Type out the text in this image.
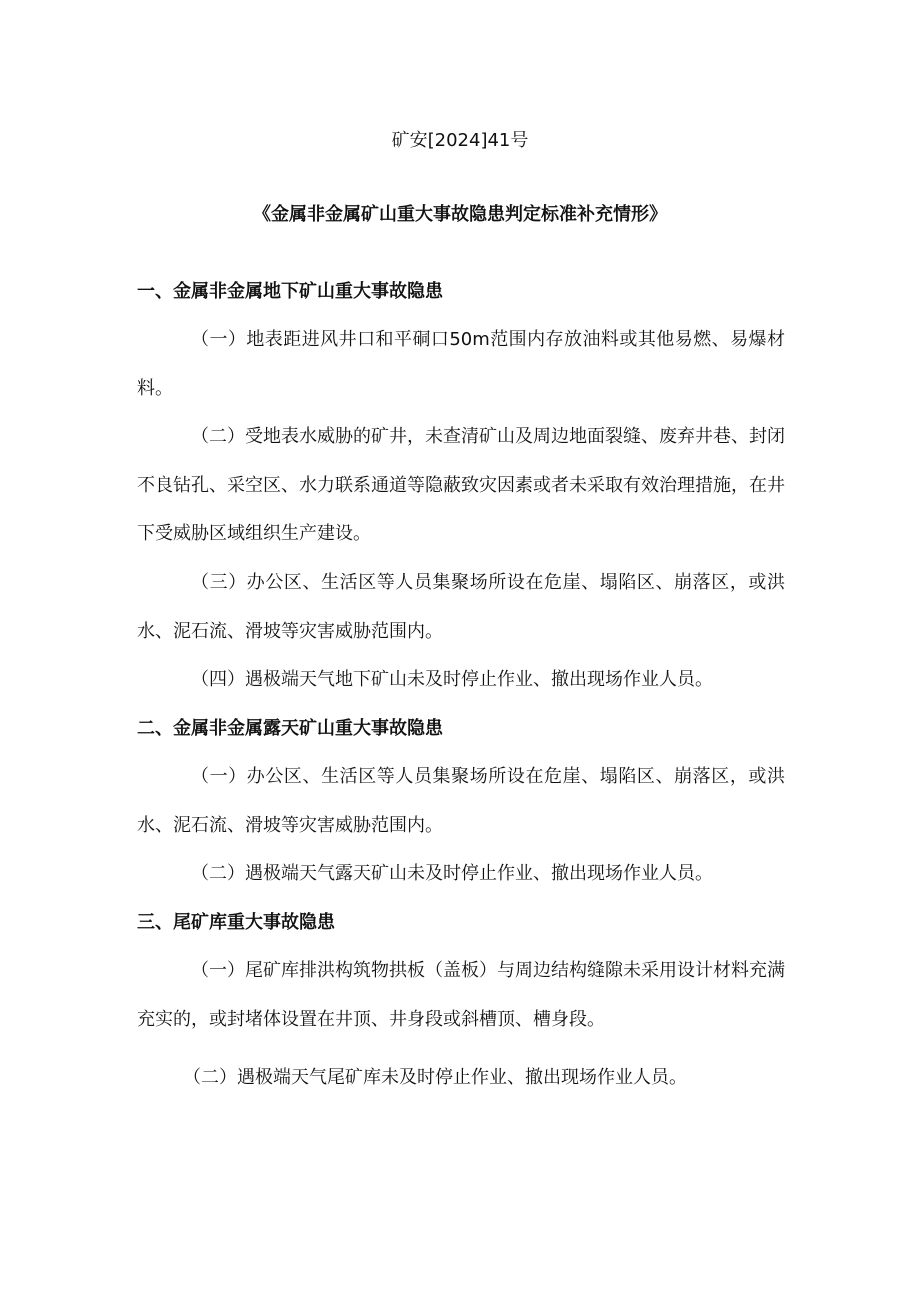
矿安[2024]41号
《金属非金属矿山重大事故隐患判定标准补充情形》
一、金属非金属地下矿山重大事故隐患
（一）地表距进风井口和平硐口50m范围内存放油料或其他易燃、易爆材料。
（二）受地表水威胁的矿井，未查清矿山及周边地面裂缝、废弃井巷、封闭不良钻孔、采空区、水力联系通道等隐蔽致灾因素或者未采取有效治理措施，在井下受威胁区域组织生产建设。
（三）办公区、生活区等人员集聚场所设在危崖、塌陷区、崩落区，或洪水、泥石流、滑坡等灾害威胁范围内。
（四）遇极端天气地下矿山未及时停止作业、撤出现场作业人员。
二、金属非金属露天矿山重大事故隐患
（一）办公区、生活区等人员集聚场所设在危崖、塌陷区、崩落区，或洪水、泥石流、滑坡等灾害威胁范围内。
（二）遇极端天气露天矿山未及时停止作业、撤出现场作业人员。
三、尾矿库重大事故隐患
（一）尾矿库排洪构筑物拱板（盖板）与周边结构缝隙未采用设计材料充满充实的，或封堵体设置在井顶、井身段或斜槽顶、槽身段。
（二）遇极端天气尾矿库未及时停止作业、撤出现场作业人员。
